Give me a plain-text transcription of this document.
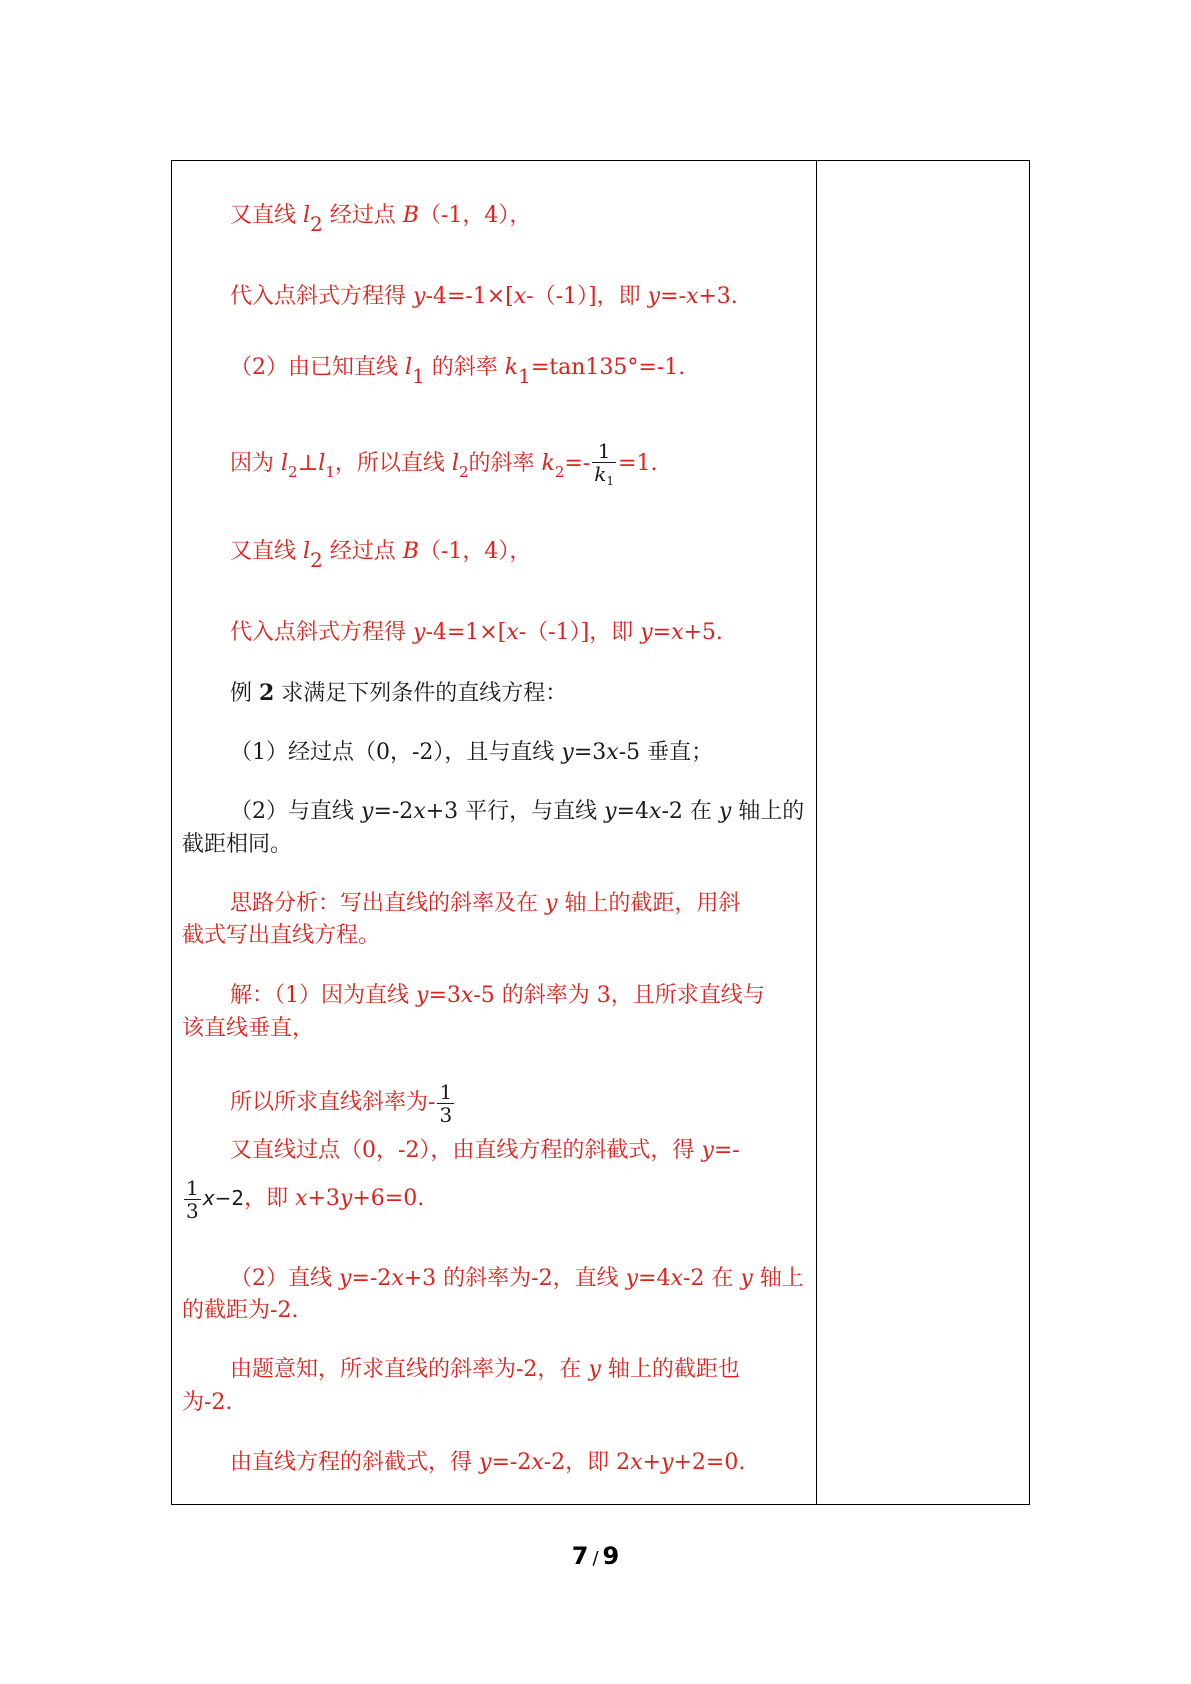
又直线 l2 经过点 B（-1，4），
代入点斜式方程得 y-4=-1×[x-（-1）]，即 y=-x+3.
（2）由已知直线 l1 的斜率 k1=tan135°=-1.
因为 $l_2\perp l_1$，所以直线 $l_2$的斜率 $k_2=- \frac{1}{k_1} =1$.
又直线 l2 经过点 B（-1，4），
代入点斜式方程得 y-4=1×[x-（-1）]，即 y=x+5.
例 2 求满足下列条件的直线方程：
（1）经过点（0，-2），且与直线 y=3x-5 垂直；
（2）与直线 y=-2x+3 平行，与直线 y=4x-2 在 y 轴上的
截距相同。
思路分析：写出直线的斜率及在 y 轴上的截距，用斜
截式写出直线方程。
解：（1）因为直线 y=3x-5 的斜率为 3，且所求直线与
该直线垂直，
所以所求直线斜率为- $\frac{1}{3}$
又直线过点（0，-2），由直线方程的斜截式，得 y=-
$\frac{1}{3} x-2$，即 x+3y+6=0.
（2）直线 y=-2x+3 的斜率为-2，直线 y=4x-2 在 y 轴上
的截距为-2.
由题意知，所求直线的斜率为-2，在 y 轴上的截距也
为-2.
由直线方程的斜截式，得 y=-2x-2，即 2x+y+2=0.
7 / 9
